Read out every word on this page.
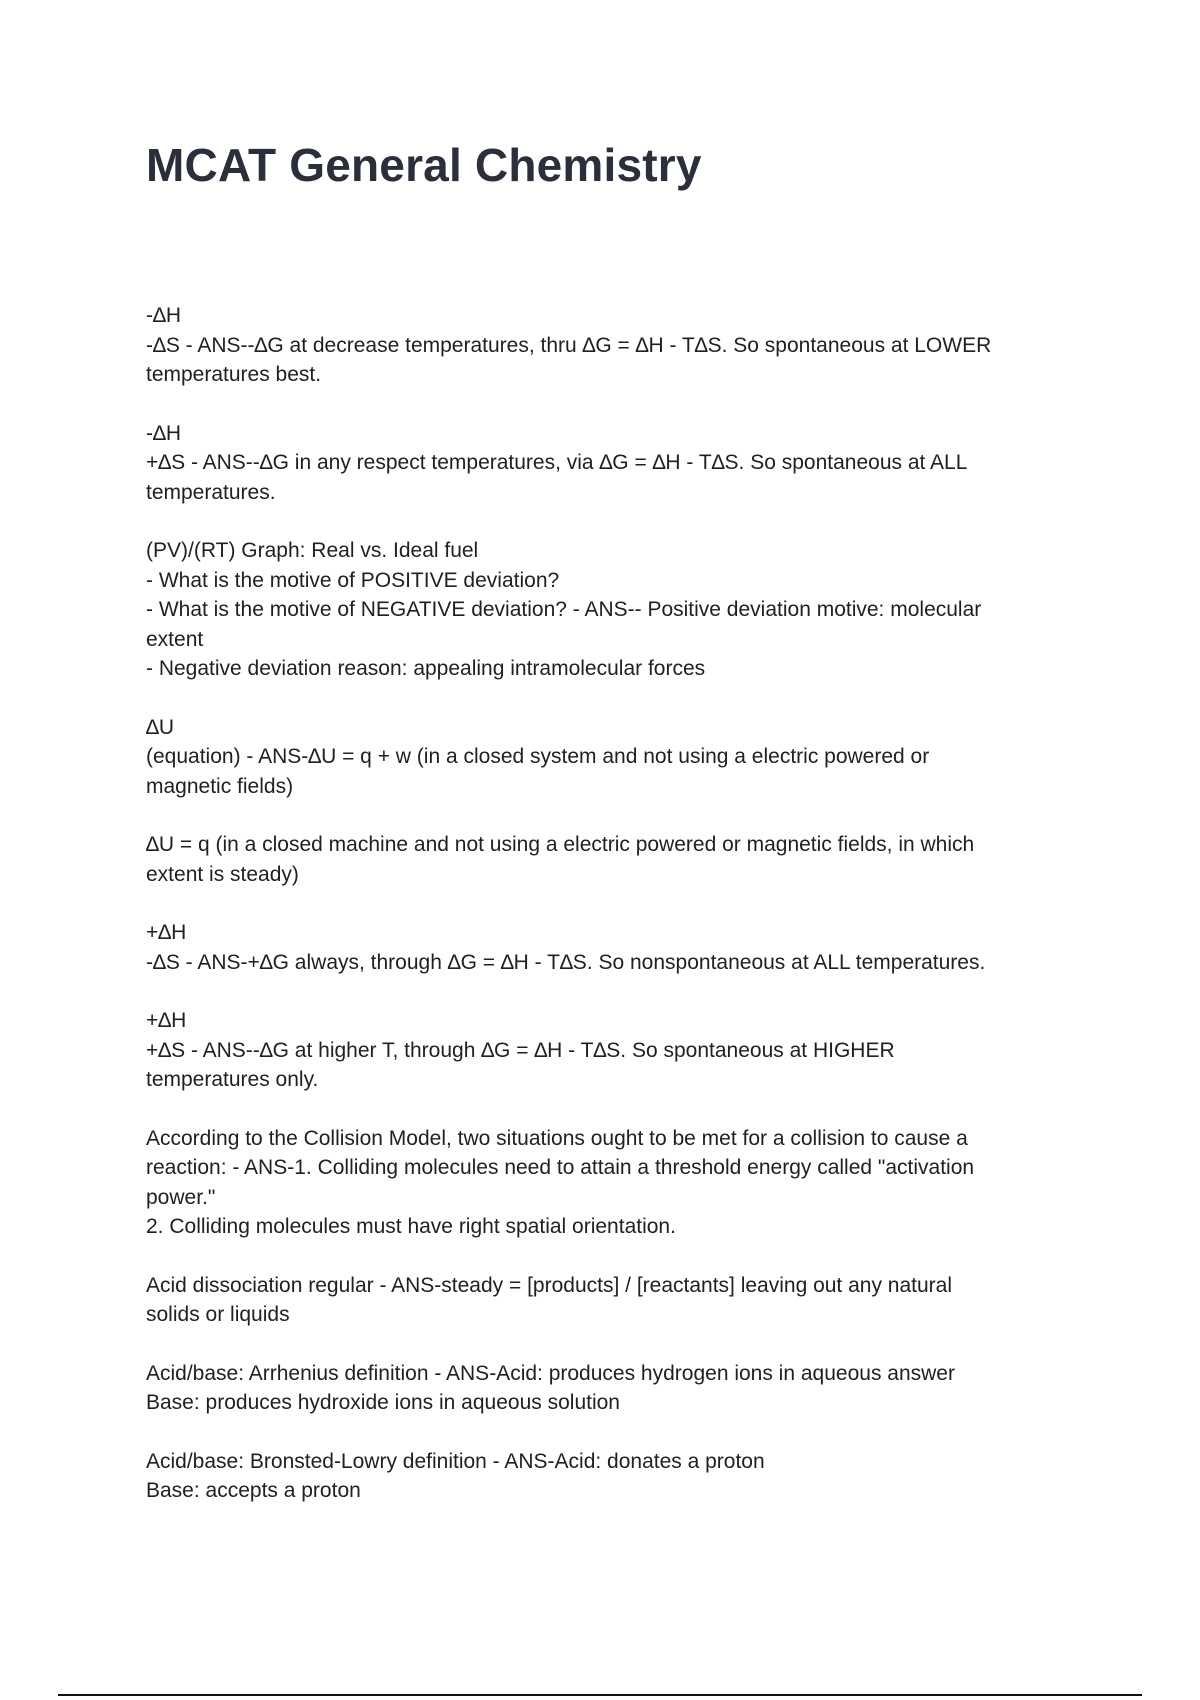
MCAT General Chemistry
-∆H
-∆S - ANS--∆G at decrease temperatures, thru ∆G = ∆H - T∆S. So spontaneous at LOWER
temperatures best.
-∆H
+∆S - ANS--∆G in any respect temperatures, via ∆G = ∆H - T∆S. So spontaneous at ALL
temperatures.
(PV)/(RT) Graph: Real vs. Ideal fuel
- What is the motive of POSITIVE deviation?
- What is the motive of NEGATIVE deviation? - ANS-- Positive deviation motive: molecular
extent
- Negative deviation reason: appealing intramolecular forces
∆U
(equation) - ANS-∆U = q + w (in a closed system and not using a electric powered or
magnetic fields)
∆U = q (in a closed machine and not using a electric powered or magnetic fields, in which
extent is steady)
+∆H
-∆S - ANS-+∆G always, through ∆G = ∆H - T∆S. So nonspontaneous at ALL temperatures.
+∆H
+∆S - ANS--∆G at higher T, through ∆G = ∆H - T∆S. So spontaneous at HIGHER
temperatures only.
According to the Collision Model, two situations ought to be met for a collision to cause a
reaction: - ANS-1. Colliding molecules need to attain a threshold energy called "activation
power."
2. Colliding molecules must have right spatial orientation.
Acid dissociation regular - ANS-steady = [products] / [reactants] leaving out any natural
solids or liquids
Acid/base: Arrhenius definition - ANS-Acid: produces hydrogen ions in aqueous answer
Base: produces hydroxide ions in aqueous solution
Acid/base: Bronsted-Lowry definition - ANS-Acid: donates a proton
Base: accepts a proton
